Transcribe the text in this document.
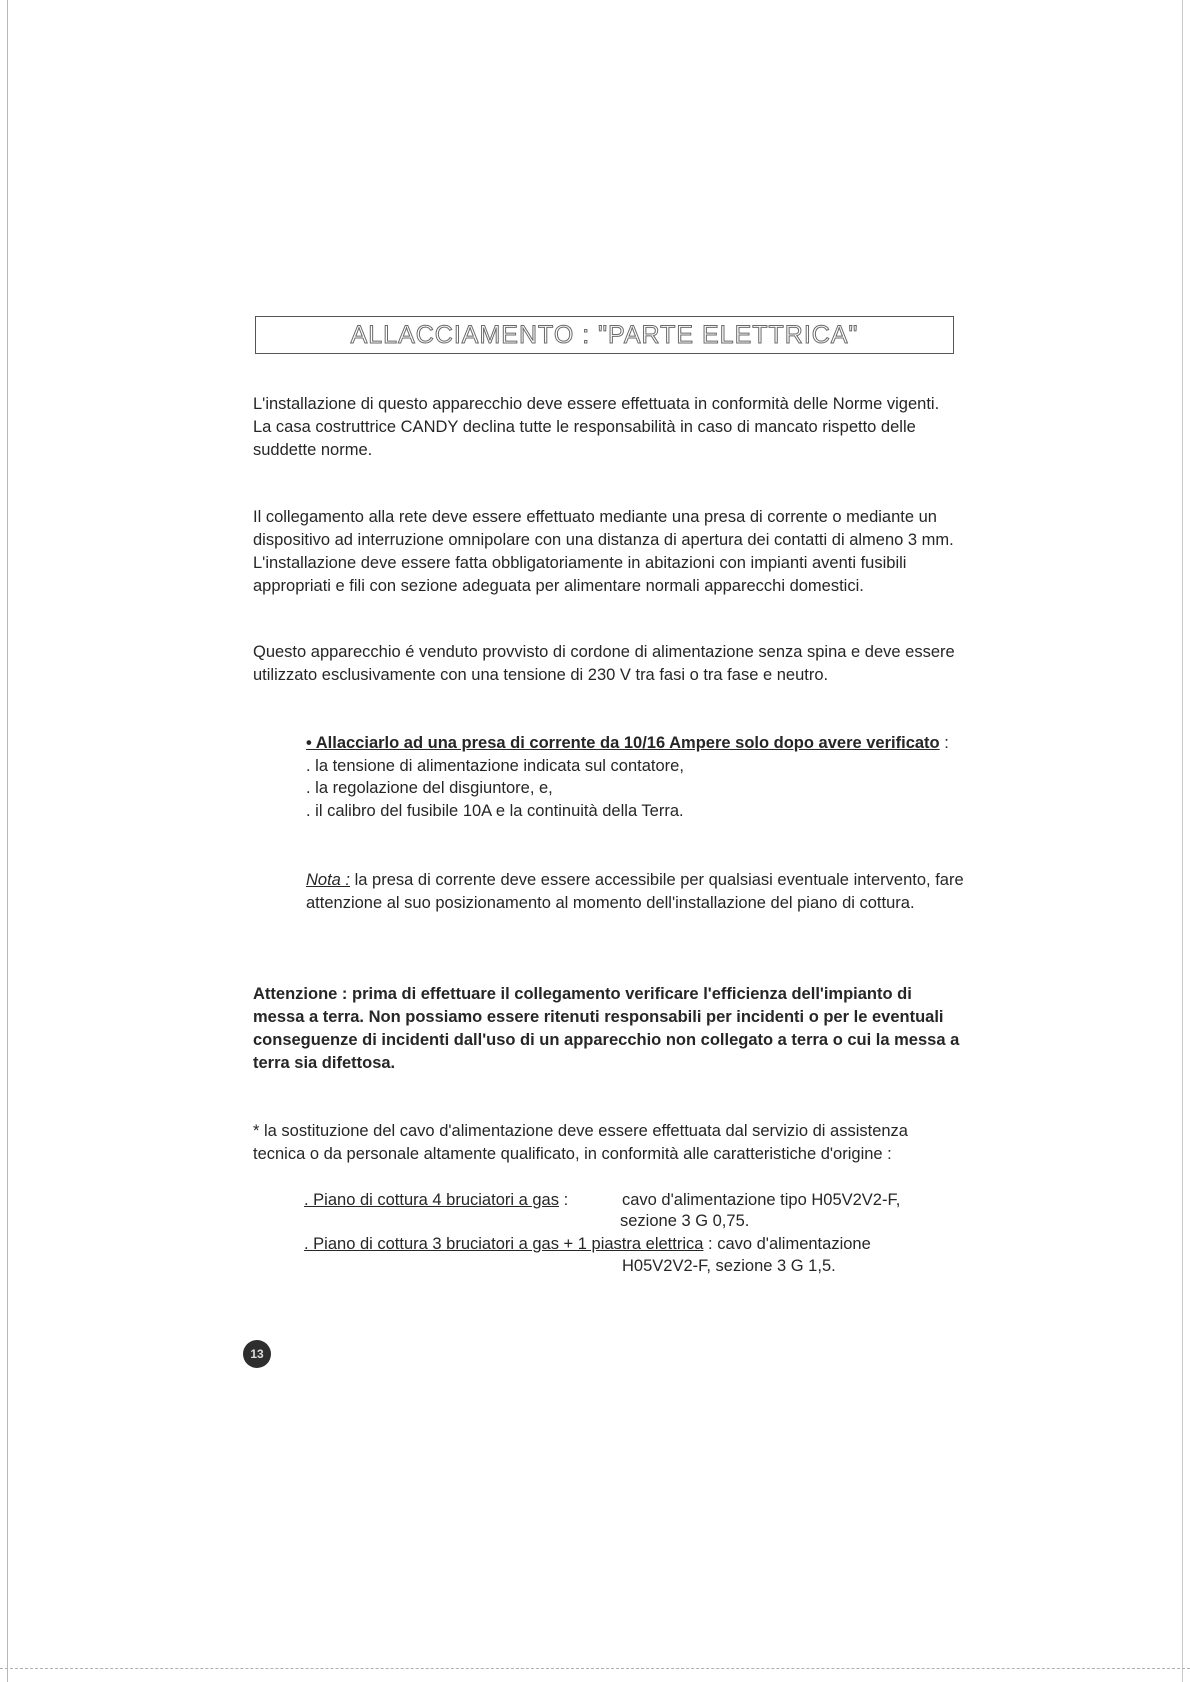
ALLACCIAMENTO : "PARTE ELETTRICA"

L'installazione di questo apparecchio deve essere effettuata in conformità delle Norme vigenti.

La casa costruttrice CANDY declina tutte le responsabilità in caso di mancato rispetto delle suddette norme.

Il collegamento alla rete deve essere effettuato mediante una presa di corrente o mediante un dispositivo ad interruzione omnipolare con una distanza di apertura dei contatti di almeno 3 mm.

L'installazione deve essere fatta obbligatoriamente in abitazioni con impianti aventi fusibili appropriati e fili con sezione adeguata per alimentare normali apparecchi domestici.

Questo apparecchio é venduto provvisto di cordone di alimentazione senza spina e deve essere utilizzato esclusivamente con una tensione di 230 V tra fasi o tra fase e neutro.

• Allacciarlo ad una presa di corrente da 10/16 Ampere solo dopo avere verificato :

. la tensione di alimentazione indicata sul contatore,

. la regolazione del disgiuntore, e,

. il calibro del fusibile 10A e la continuità della Terra.

Nota : la presa di corrente deve essere accessibile per qualsiasi eventuale intervento, fare attenzione al suo posizionamento al momento dell'installazione del piano di cottura.

Attenzione : prima di effettuare il collegamento verificare l'efficienza dell'impianto di messa a terra. Non possiamo essere ritenuti responsabili per incidenti o per le eventuali conseguenze di incidenti dall'uso di un apparecchio non collegato a terra o cui la messa a terra sia difettosa.
* la sostituzione del cavo d'alimentazione deve essere effettuata dal servizio di assistenza tecnica o da personale altamente qualificato, in conformità alle caratteristiche d'origine :
. Piano di cottura 4 bruciatori a gas :	cavo d'alimentazione tipo H05V2V2-F,
sezione 3 G 0,75.
. Piano di cottura 3 bruciatori a gas + 1 piastra elettrica : cavo d'alimentazione
H05V2V2-F, sezione 3 G 1,5.
13
